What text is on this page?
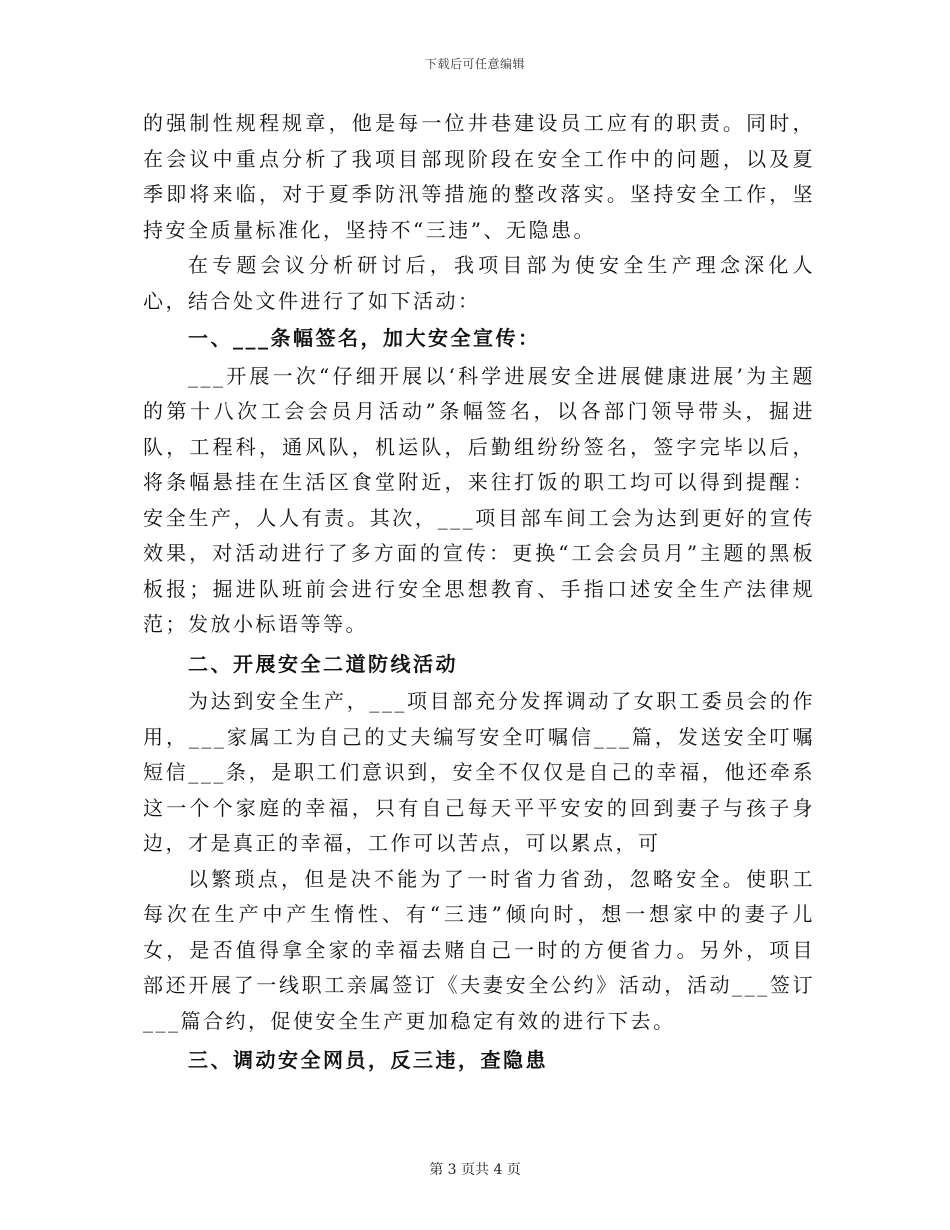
下载后可任意编辑

的强制性规程规章，他是每一位井巷建设员工应有的职责。同时，在会议中重点分析了我项目部现阶段在安全工作中的问题，以及夏季即将来临，对于夏季防汛等措施的整改落实。坚持安全工作，坚持安全质量标准化，坚持不“三违”、无隐患。

在专题会议分析研讨后，我项目部为使安全生产理念深化人心，结合处文件进行了如下活动：

一、___条幅签名，加大安全宣传：

___开展一次“仔细开展以‘科学进展安全进展健康进展’为主题的第十八次工会会员月活动”条幅签名，以各部门领导带头，掘进队，工程科，通风队，机运队，后勤组纷纷签名，签字完毕以后，将条幅悬挂在生活区食堂附近，来往打饭的职工均可以得到提醒：安全生产，人人有责。其次，___项目部车间工会为达到更好的宣传效果，对活动进行了多方面的宣传：更换“工会会员月”主题的黑板板报；掘进队班前会进行安全思想教育、手指口述安全生产法律规范；发放小标语等等。

二、开展安全二道防线活动

为达到安全生产，___项目部充分发挥调动了女职工委员会的作用，___家属工为自己的丈夫编写安全叮嘱信___篇，发送安全叮嘱短信___条，是职工们意识到，安全不仅仅是自己的幸福，他还牵系这一个个家庭的幸福，只有自己每天平平安安的回到妻子与孩子身边，才是真正的幸福，工作可以苦点，可以累点，可

以繁琐点，但是决不能为了一时省力省劲，忽略安全。使职工每次在生产中产生惰性、有“三违”倾向时，想一想家中的妻子儿女，是否值得拿全家的幸福去赌自己一时的方便省力。另外，项目部还开展了一线职工亲属签订《夫妻安全公约》活动，活动___签订___篇合约，促使安全生产更加稳定有效的进行下去。

三、调动安全网员，反三违，查隐患

第 3 页共 4 页
